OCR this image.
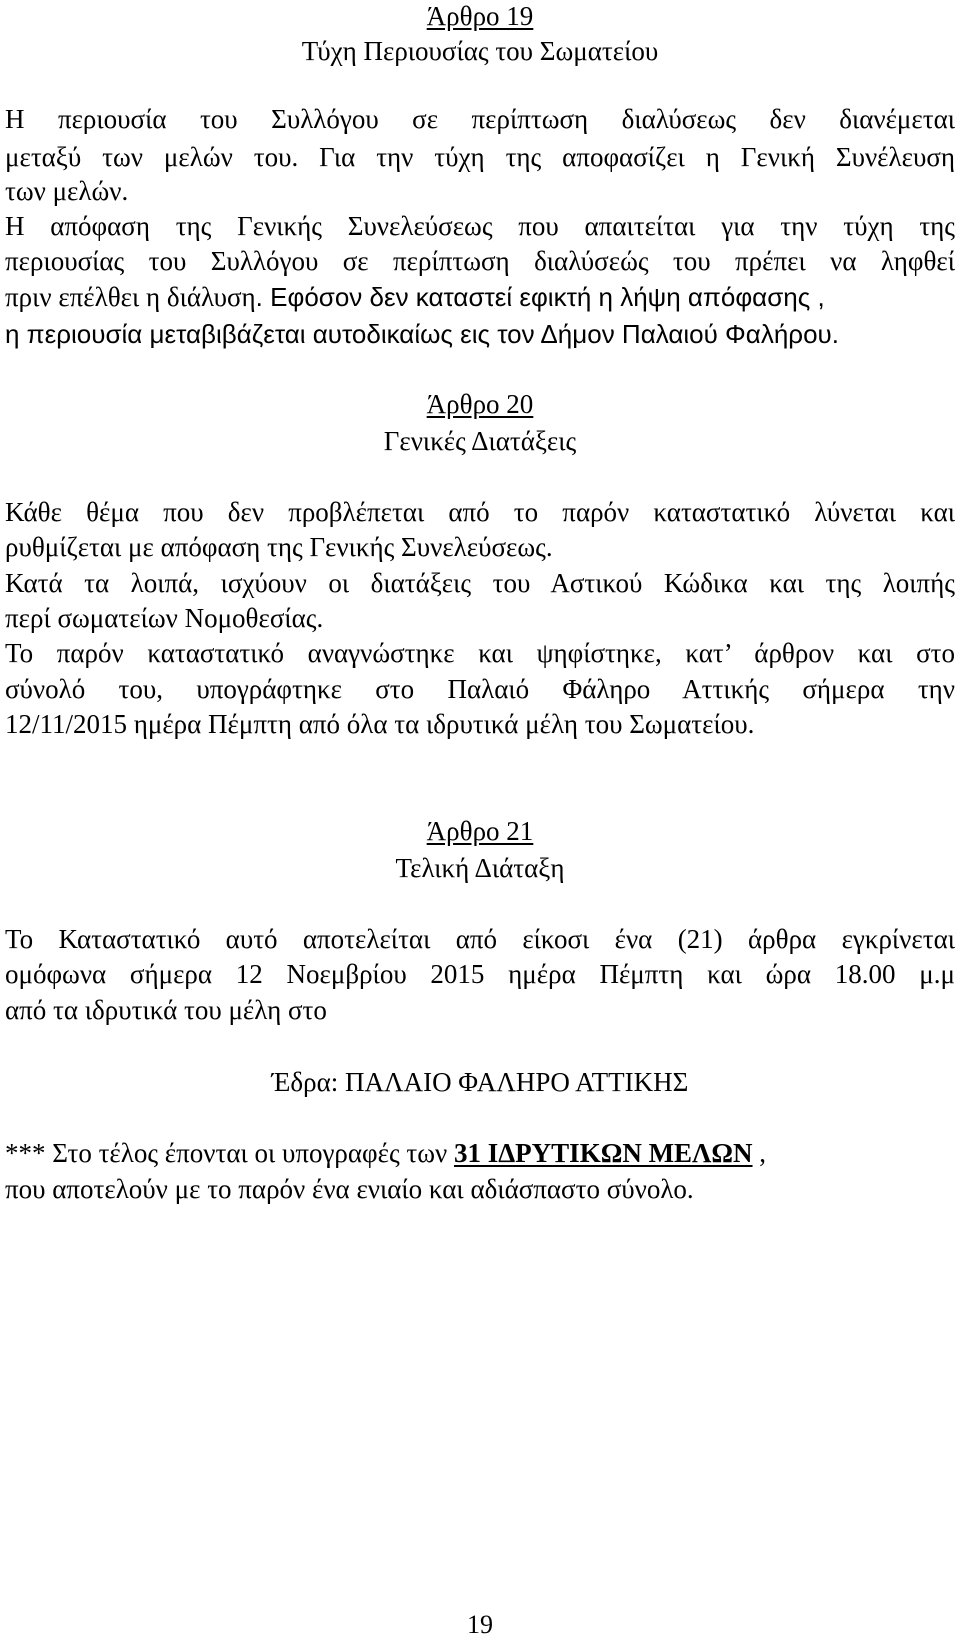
Άρθρο 19
Τύχη Περιουσίας του Σωματείου
Η περιουσία του Συλλόγου σε περίπτωση διαλύσεως δεν διανέμεται
μεταξύ των μελών του. Για την τύχη της αποφασίζει η Γενική Συνέλευση
των μελών.
Η απόφαση της Γενικής Συνελεύσεως που απαιτείται για την τύχη της
περιουσίας του Συλλόγου σε περίπτωση διαλύσεώς του πρέπει να ληφθεί
πριν επέλθει η διάλυση. Εφόσον δεν καταστεί εφικτή η λήψη απόφασης ,
η περιουσία μεταβιβάζεται αυτοδικαίως εις τον Δήμον Παλαιού Φαλήρου.
Άρθρο 20
Γενικές Διατάξεις
Κάθε θέμα που δεν προβλέπεται από το παρόν καταστατικό λύνεται και
ρυθμίζεται με απόφαση της Γενικής Συνελεύσεως.
Κατά τα λοιπά, ισχύουν οι διατάξεις του Αστικού Κώδικα και της λοιπής
περί σωματείων Νομοθεσίας.
Το παρόν καταστατικό αναγνώστηκε και ψηφίστηκε, κατ’ άρθρον και στο
σύνολό του, υπογράφτηκε στο Παλαιό Φάληρο Αττικής σήμερα την
12/11/2015 ημέρα Πέμπτη από όλα τα ιδρυτικά μέλη του Σωματείου.
Άρθρο 21
Τελική Διάταξη
Το Καταστατικό αυτό αποτελείται από είκοσι ένα (21) άρθρα εγκρίνεται
ομόφωνα σήμερα 12 Νοεμβρίου 2015 ημέρα Πέμπτη και ώρα 18.00 μ.μ
από τα ιδρυτικά του μέλη στο
Έδρα: ΠΑΛΑΙΟ ΦΑΛΗΡΟ ΑΤΤΙΚΗΣ
*** Στο τέλος έπονται οι υπογραφές των 31 ΙΔΡΥΤΙΚΩΝ ΜΕΛΩΝ ,
που αποτελούν με το παρόν ένα ενιαίο και αδιάσπαστο σύνολο.
19
